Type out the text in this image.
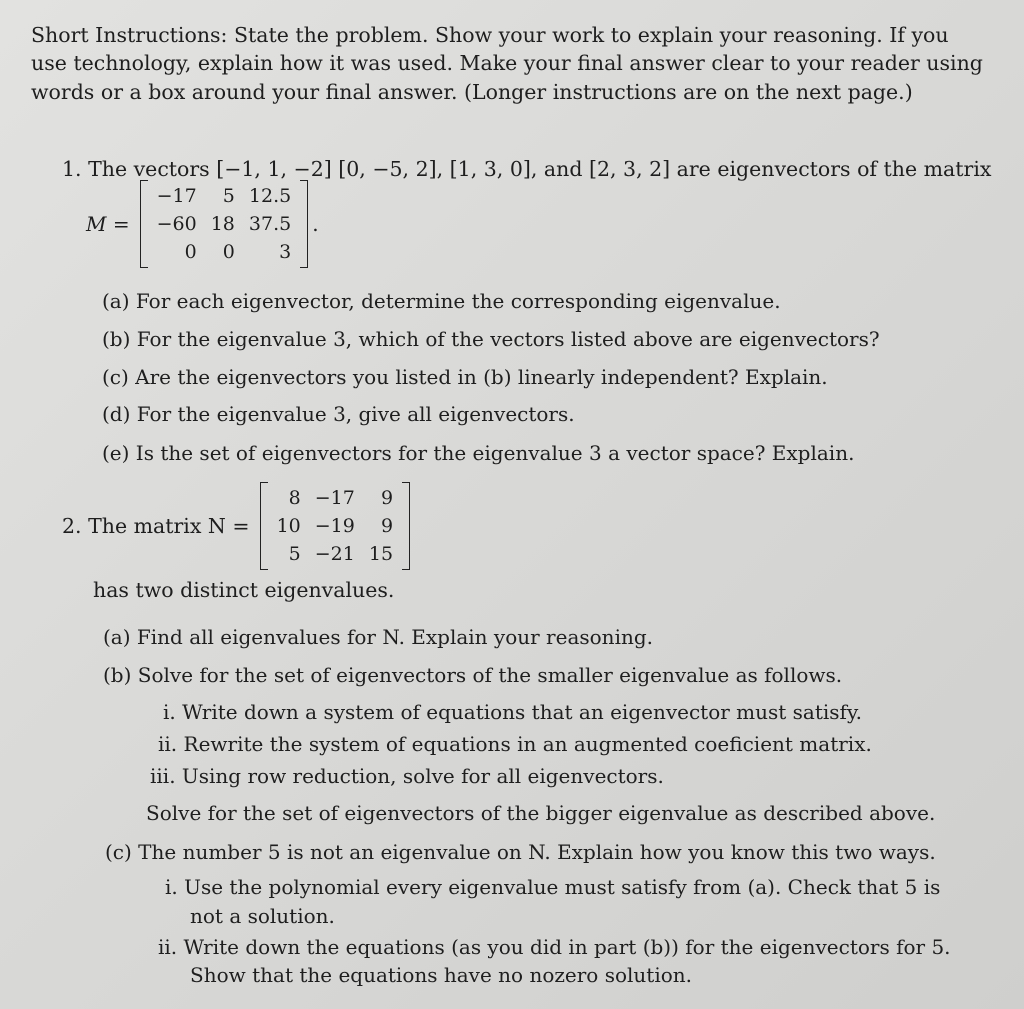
Short Instructions: State the problem. Show your work to explain your reasoning. If you
use technology, explain how it was used. Make your final answer clear to your reader using
words or a box around your final answer. (Longer instructions are on the next page.)
1. The vectors [−1, 1, −2] [0, −5, 2], [1, 3, 0], and [2, 3, 2] are eigenvectors of the matrix
M =
−17	5	12.5
−60	18	37.5
0	0	3
.
(a) For each eigenvector, determine the corresponding eigenvalue.
(b) For the eigenvalue 3, which of the vectors listed above are eigenvectors?
(c) Are the eigenvectors you listed in (b) linearly independent? Explain.
(d) For the eigenvalue 3, give all eigenvectors.
(e) Is the set of eigenvectors for the eigenvalue 3 a vector space? Explain.
2. The matrix N =
8	−17	9
10	−19	9
5	−21	15
has two distinct eigenvalues.
(a) Find all eigenvalues for N. Explain your reasoning.
(b) Solve for the set of eigenvectors of the smaller eigenvalue as follows.
i. Write down a system of equations that an eigenvector must satisfy.
ii. Rewrite the system of equations in an augmented coeficient matrix.
iii. Using row reduction, solve for all eigenvectors.
Solve for the set of eigenvectors of the bigger eigenvalue as described above.
(c) The number 5 is not an eigenvalue on N. Explain how you know this two ways.
i. Use the polynomial every eigenvalue must satisfy from (a). Check that 5 is
not a solution.
ii. Write down the equations (as you did in part (b)) for the eigenvectors for 5.
Show that the equations have no nozero solution.
